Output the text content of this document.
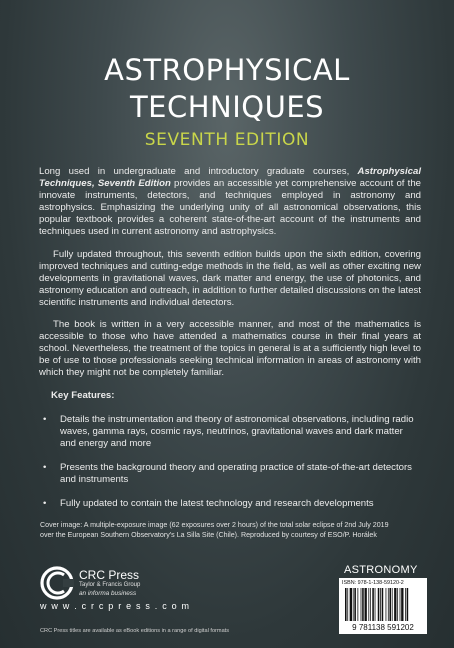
ASTROPHYSICAL
TECHNIQUES
SEVENTH EDITION

Long used in undergraduate and introductory graduate courses, Astrophysical Techniques, Seventh Edition provides an accessible yet comprehensive account of the innovate instruments, detectors, and techniques employed in astronomy and astrophysics. Emphasizing the underlying unity of all astronomical observations, this popular textbook provides a coherent state-of-the-art account of the instruments and techniques used in current astronomy and astrophysics.

Fully updated throughout, this seventh edition builds upon the sixth edition, covering improved techniques and cutting-edge methods in the field, as well as other exciting new developments in gravitational waves, dark matter and energy, the use of photonics, and astronomy education and outreach, in addition to further detailed discussions on the latest scientific instruments and individual detectors.

The book is written in a very accessible manner, and most of the mathematics is accessible to those who have attended a mathematics course in their final years at school. Nevertheless, the treatment of the topics in general is at a sufficiently high level to be of use to those professionals seeking technical information in areas of astronomy with which they might not be completely familiar.

Key Features:
• Details the instrumentation and theory of astronomical observations, including radio waves, gamma rays, cosmic rays, neutrinos, gravitational waves and dark matter and energy and more
• Presents the background theory and operating practice of state-of-the-art detectors and instruments
• Fully updated to contain the latest technology and research developments
Cover image: A multiple-exposure image (62 exposures over 2 hours) of the total solar eclipse of 2nd July 2019
over the European Southern Observatory’s La Silla Site (Chile). Reproduced by courtesy of ESO/P. Horálek
CRC Press
Taylor & Francis Group
an informa business
w w w . c r c p r e s s . c o m
CRC Press titles are available as eBook editions in a range of digital formats
ASTRONOMY
ISBN: 978-1-138-59120-2
9 781138 591202
